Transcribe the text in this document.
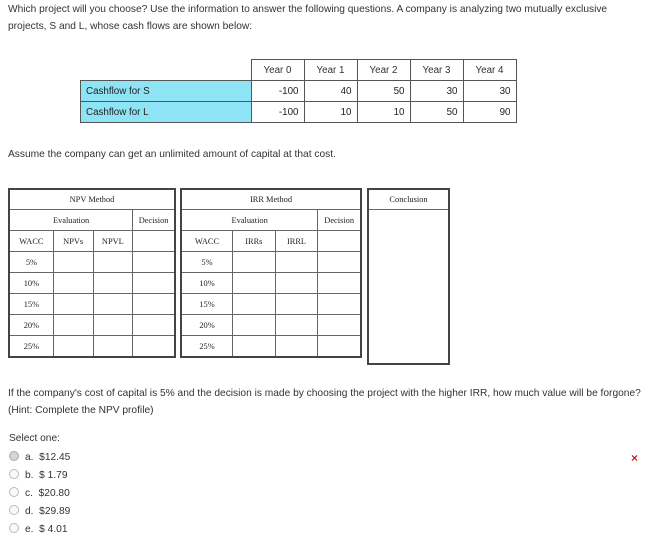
Which project will you choose? Use the information to answer the following questions. A company is analyzing two mutually exclusive projects, S and L, whose cash flows are shown below:
	Year 0	Year 1	Year 2	Year 3	Year 4
Cashflow for S	-100	40	50	30	30
Cashflow for L	-100	10	10	50	90
Assume the company can get an unlimited amount of capital at that cost.
NPV Method			
Evaluation			Decision
WACC	NPVs	NPVL	
5%			
10%			
15%			
20%			
25%			
IRR Method			
Evaluation			Decision
WACC	IRRs	IRRL	
5%			
10%			
15%			
20%			
25%			
Conclusion
If the company's cost of capital is 5% and the decision is made by choosing the project with the higher IRR, how much value will be forgone? (Hint: Complete the NPV profile)
Select one:
a. $12.45
b. $ 1.79
c. $20.80
d. $29.89
e. $ 4.01
×
